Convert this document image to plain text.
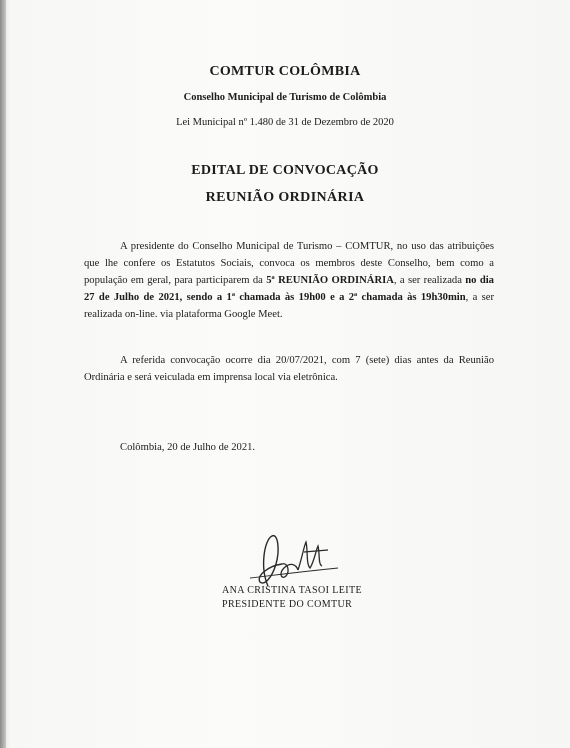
COMTUR COLÔMBIA
Conselho Municipal de Turismo de Colômbia
Lei Municipal nº 1.480 de 31 de Dezembro de 2020
EDITAL DE CONVOCAÇÃO
REUNIÃO ORDINÁRIA
A presidente do Conselho Municipal de Turismo – COMTUR, no uso das atribuições que lhe confere os Estatutos Sociais, convoca os membros deste Conselho, bem como a população em geral, para participarem da 5ª REUNIÃO ORDINÁRIA, a ser realizada no dia 27 de Julho de 2021, sendo a 1ª chamada às 19h00 e a 2ª chamada às 19h30min, a ser realizada on-line. via plataforma Google Meet.
A referida convocação ocorre dia 20/07/2021, com 7 (sete) dias antes da Reunião Ordinária e será veiculada em imprensa local via eletrônica.
Colômbia, 20 de Julho de 2021.
ANA CRISTINA TASOI LEITE
PRESIDENTE DO COMTUR
